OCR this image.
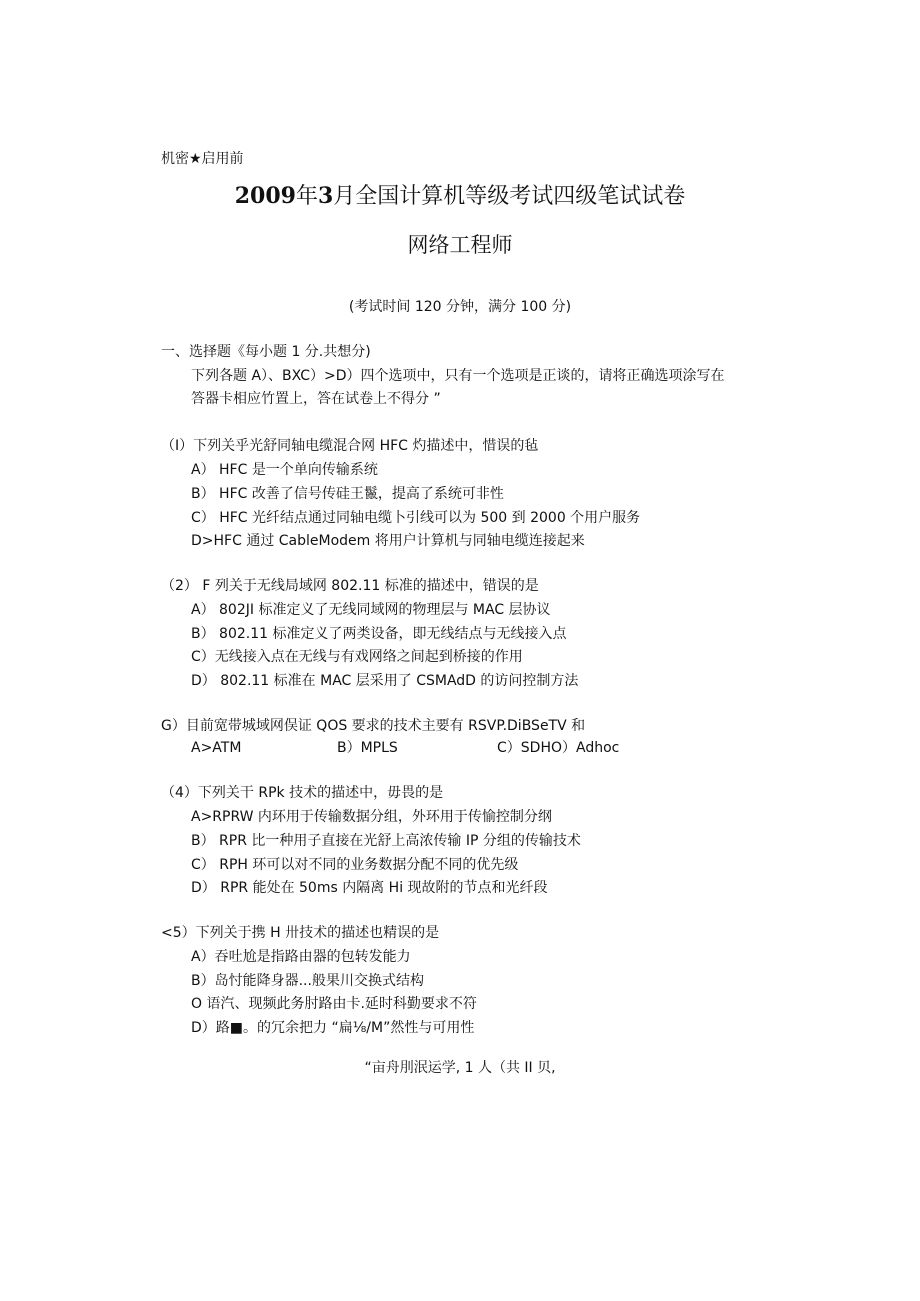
机密★启用前
2009年3月全国计算机等级考试四级笔试试卷
网络工程师
(考试时间 120 分钟，满分 100 分)
一、选择题《每小题 1 分.共想分)
下列各题 A）、BXC）>D）四个选项中，只有一个选项是正谈的，请将正确选项涂写在
答器卡相应竹置上，答在试卷上不得分 ”
（I）下列关乎光舒同轴电缆混合网 HFC 灼描述中，惜误的毡
A） HFC 是一个单向传输系统
B） HFC 改善了信号传硅王鬣，提高了系统可非性
C） HFC 光纤结点通过同轴电缆卜引线可以为 500 到 2000 个用户服务
D>HFC 通过 CableModem 将用户计算机与同轴电缆连接起来
（2） F 列关于无线局域网 802.11 标准的描述中，错误的是
A） 802JI 标准定义了无线同域网的物理层与 MAC 层协议
B） 802.11 标准定义了两类设备，即无线结点与无线接入点
C）无线接入点在无线与有戏网络之间起到桥接的作用
D） 802.11 标准在 MAC 层采用了 CSMAdD 的访问控制方法
G）目前宽带城域网俣证 QOS 要求的技术主要有 RSVP.DiBSeTV 和
A>ATM	B）MPLS	C）SDHO）Adhoc
（4）下列关干 RPk 技术的描述中，毋畏的是
A>RPRW 内环用于传输数据分组，外环用于传愉控制分纲
B） RPR 比一种用子直接在光舒上高浓传输 IP 分组的传输技术
C） RPH 环可以对不同的业务数据分配不同的优先级
D） RPR 能处在 50ms 内隔离 Hi 现故附的节点和光纤段
<5）下列关于携 H 卅技术的描述也精误的是
A）吞吐尬是指路由器的包转发能力
B）岛忖能降身器...般果川交换式结构
O 语汽、现频此务肘路由卡.延时科勤要求不符
D）路■。的冗余把力 “扁⅛/M”然性与可用性
“亩舟刖泯运学, 1 人（共 II 贝,
